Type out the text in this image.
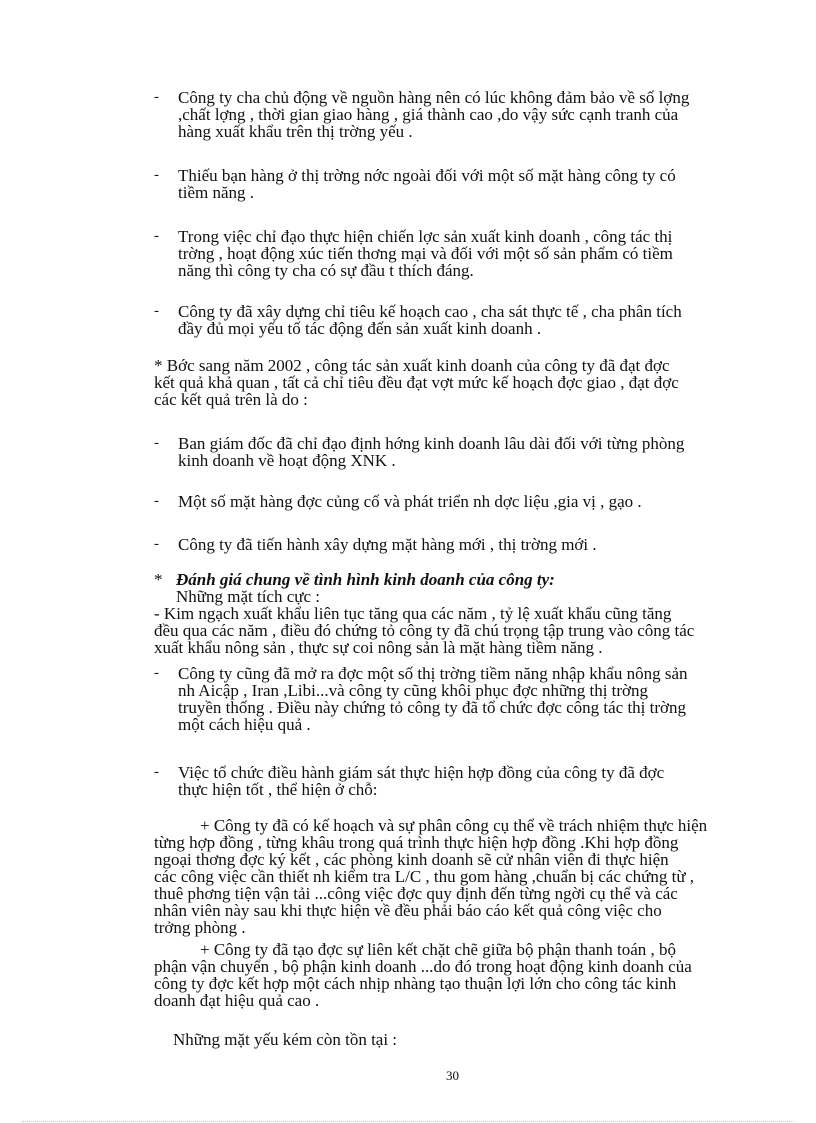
- Công ty cha chủ động về nguồn hàng nên có lúc không đảm bảo về số lợng
,chất lợng , thời gian giao hàng , giá thành cao ,do vậy sức cạnh tranh của
hàng xuất khẩu trên thị trờng yếu .
- Thiếu bạn hàng ở thị trờng nớc ngoài đối với một số mặt hàng công ty có
tiềm năng .
- Trong việc chỉ đạo thực hiện chiến lợc sản xuất kinh doanh , công tác thị
trờng , hoạt động xúc tiến thơng mại và đối với một số sản phẩm có tiềm
năng thì công ty cha có sự đầu t thích đáng.
- Công ty đã xây dựng chỉ tiêu kế hoạch cao , cha sát thực tế , cha phân tích
đầy đủ mọi yếu tố tác động đến sản xuất kinh doanh .
* Bớc sang năm 2002 , công tác sản xuất kinh doanh của công ty đã đạt đợc
kết quả khả quan , tất cả chỉ tiêu đều đạt vợt mức kế hoạch đợc giao , đạt đợc
các kết quả trên là do :
- Ban giám đốc đã chỉ đạo định hớng kinh doanh lâu dài đối với từng phòng
kinh doanh về hoạt động XNK .
- Một số mặt hàng đợc củng cố và phát triển nh dợc liệu ,gia vị , gạo .
- Công ty đã tiến hành xây dựng mặt hàng mới , thị trờng mới .
* Đánh giá chung về tình hình kinh doanh của công ty:
Những mặt tích cực :
- Kim ngạch xuất khẩu liên tục tăng qua các năm , tỷ lệ xuất khẩu cũng tăng
đều qua các năm , điều đó chứng tỏ công ty đã chú trọng tập trung vào công tác
xuất khẩu nông sản , thực sự coi nông sản là mặt hàng tiềm năng .
- Công ty cũng đã mở ra đợc một số thị trờng tiềm năng nhập khẩu nông sản
nh Aicập , Iran ,Libi...và công ty cũng khôi phục đợc những thị trờng
truyền thống . Điều này chứng tỏ công ty đã tổ chức đợc công tác thị trờng
một cách hiệu quả .
- Việc tổ chức điều hành giám sát thực hiện hợp đồng của công ty đã đợc
thực hiện tốt , thể hiện ở chỗ:
+ Công ty đã có kế hoạch và sự phân công cụ thể về trách nhiệm thực hiện
từng hợp đồng , từng khâu trong quá trình thực hiện hợp đồng .Khi hợp đồng
ngoại thơng đợc ký kết , các phòng kinh doanh sẽ cử nhân viên đi thực hiện
các công việc cần thiết nh kiểm tra L/C , thu gom hàng ,chuẩn bị các chứng từ ,
thuê phơng tiện vận tải ...công việc đợc quy định đến từng ngời cụ thể và các
nhân viên này sau khi thực hiện về đều phải báo cáo kết quả công việc cho
trởng phòng .
+ Công ty đã tạo đợc sự liên kết chặt chẽ giữa bộ phận thanh toán , bộ
phận vận chuyển , bộ phận kinh doanh ...do đó trong hoạt động kinh doanh của
công ty đợc kết hợp một cách nhịp nhàng tạo thuận lợi lớn cho công tác kinh
doanh đạt hiệu quả cao .
Những mặt yếu kém còn tồn tại :
30
